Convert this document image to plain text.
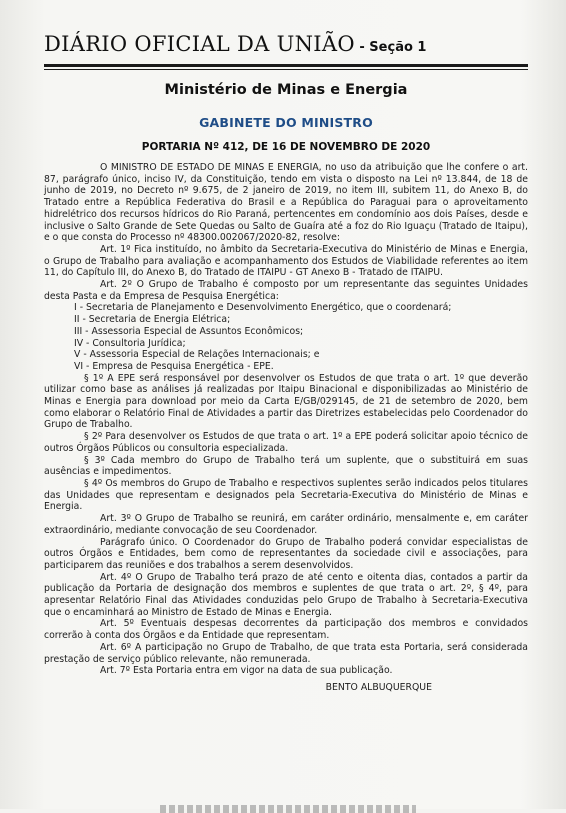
DIÁRIO OFICIAL DA UNIÃO - Seção 1
Ministério de Minas e Energia
GABINETE DO MINISTRO
PORTARIA Nº 412, DE 16 DE NOVEMBRO DE 2020

O MINISTRO DE ESTADO DE MINAS E ENERGIA, no uso da atribuição que lhe confere o art. 87, parágrafo único, inciso IV, da Constituição, tendo em vista o disposto na Lei nº 13.844, de 18 de junho de 2019, no Decreto nº 9.675, de 2 janeiro de 2019, no item III, subitem 11, do Anexo B, do Tratado entre a República Federativa do Brasil e a República do Paraguai para o aproveitamento hidrelétrico dos recursos hídricos do Rio Paraná, pertencentes em condomínio aos dois Países, desde e inclusive o Salto Grande de Sete Quedas ou Salto de Guaíra até a foz do Rio Iguaçu (Tratado de Itaipu), e o que consta do Processo nº 48300.002067/2020-82, resolve:

Art. 1º Fica instituído, no âmbito da Secretaria-Executiva do Ministério de Minas e Energia, o Grupo de Trabalho para avaliação e acompanhamento dos Estudos de Viabilidade referentes ao item 11, do Capítulo III, do Anexo B, do Tratado de ITAIPU - GT Anexo B - Tratado de ITAIPU.

Art. 2º O Grupo de Trabalho é composto por um representante das seguintes Unidades desta Pasta e da Empresa de Pesquisa Energética:

I - Secretaria de Planejamento e Desenvolvimento Energético, que o coordenará;

II - Secretaria de Energia Elétrica;

III - Assessoria Especial de Assuntos Econômicos;

IV - Consultoria Jurídica;

V - Assessoria Especial de Relações Internacionais; e

VI - Empresa de Pesquisa Energética - EPE.

§ 1º A EPE será responsável por desenvolver os Estudos de que trata o art. 1º que deverão utilizar como base as análises já realizadas por Itaipu Binacional e disponibilizadas ao Ministério de Minas e Energia para download por meio da Carta E/GB/029145, de 21 de setembro de 2020, bem como elaborar o Relatório Final de Atividades a partir das Diretrizes estabelecidas pelo Coordenador do Grupo de Trabalho.

§ 2º Para desenvolver os Estudos de que trata o art. 1º a EPE poderá solicitar apoio técnico de outros Órgãos Públicos ou consultoria especializada.

§ 3º Cada membro do Grupo de Trabalho terá um suplente, que o substituirá em suas ausências e impedimentos.

§ 4º Os membros do Grupo de Trabalho e respectivos suplentes serão indicados pelos titulares das Unidades que representam e designados pela Secretaria-Executiva do Ministério de Minas e Energia.

Art. 3º O Grupo de Trabalho se reunirá, em caráter ordinário, mensalmente e, em caráter extraordinário, mediante convocação de seu Coordenador.

Parágrafo único. O Coordenador do Grupo de Trabalho poderá convidar especialistas de outros Órgãos e Entidades, bem como de representantes da sociedade civil e associações, para participarem das reuniões e dos trabalhos a serem desenvolvidos.

Art. 4º O Grupo de Trabalho terá prazo de até cento e oitenta dias, contados a partir da publicação da Portaria de designação dos membros e suplentes de que trata o art. 2º, § 4º, para apresentar Relatório Final das Atividades conduzidas pelo Grupo de Trabalho à Secretaria-Executiva que o encaminhará ao Ministro de Estado de Minas e Energia.

Art. 5º Eventuais despesas decorrentes da participação dos membros e convidados correrão à conta dos Órgãos e da Entidade que representam.

Art. 6º A participação no Grupo de Trabalho, de que trata esta Portaria, será considerada prestação de serviço público relevante, não remunerada.

Art. 7º Esta Portaria entra em vigor na data de sua publicação.

BENTO ALBUQUERQUE
